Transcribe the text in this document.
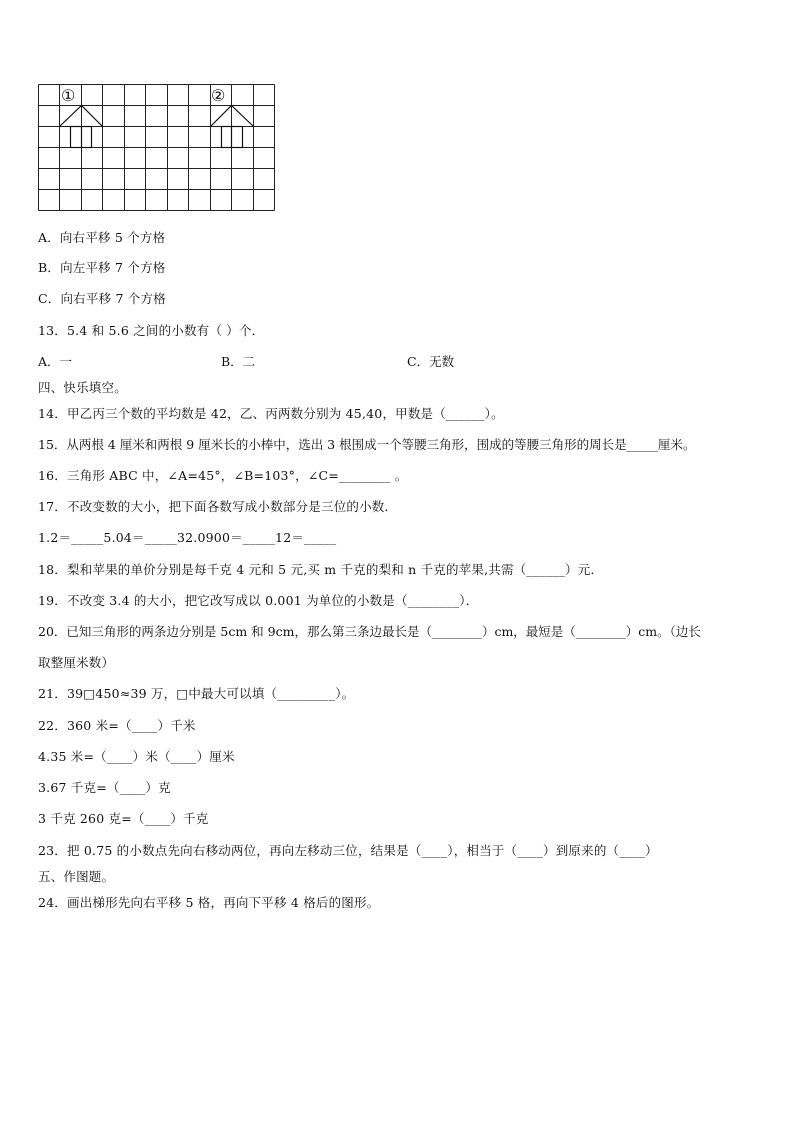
①	②
A．向右平移 5 个方格
B．向左平移 7 个方格
C．向右平移 7 个方格
13．5.4 和 5.6 之间的小数有（ ）个．
A．一	B．二	C．无数
四、快乐填空。
14．甲乙丙三个数的平均数是 42，乙、丙两数分别为 45,40，甲数是（______）。
15．从两根 4 厘米和两根 9 厘米长的小棒中，选出 3 根围成一个等腰三角形，围成的等腰三角形的周长是_____厘米。
16．三角形 ABC 中，∠A=45°，∠B=103°，∠C=________ 。
17．不改变数的大小，把下面各数写成小数部分是三位的小数．
1.2＝_____5.04＝_____32.0900＝_____12＝_____
18．梨和苹果的单价分别是每千克 4 元和 5 元,买 m 千克的梨和 n 千克的苹果,共需（______）元．
19．不改变 3.4 的大小，把它改写成以 0.001 为单位的小数是（________）．
20．已知三角形的两条边分别是 5cm 和 9cm，那么第三条边最长是（________）cm，最短是（________）cm。（边长
取整厘米数）
21．39□450≈39 万，□中最大可以填（_________）。
22．360 米=（____）千米
4.35 米=（____）米（____）厘米
3.67 千克=（____）克
3 千克 260 克=（____）千克
23．把 0.75 的小数点先向右移动两位，再向左移动三位，结果是（____），相当于（____）到原来的（____）
五、作图题。
24．画出梯形先向右平移 5 格，再向下平移 4 格后的图形。
